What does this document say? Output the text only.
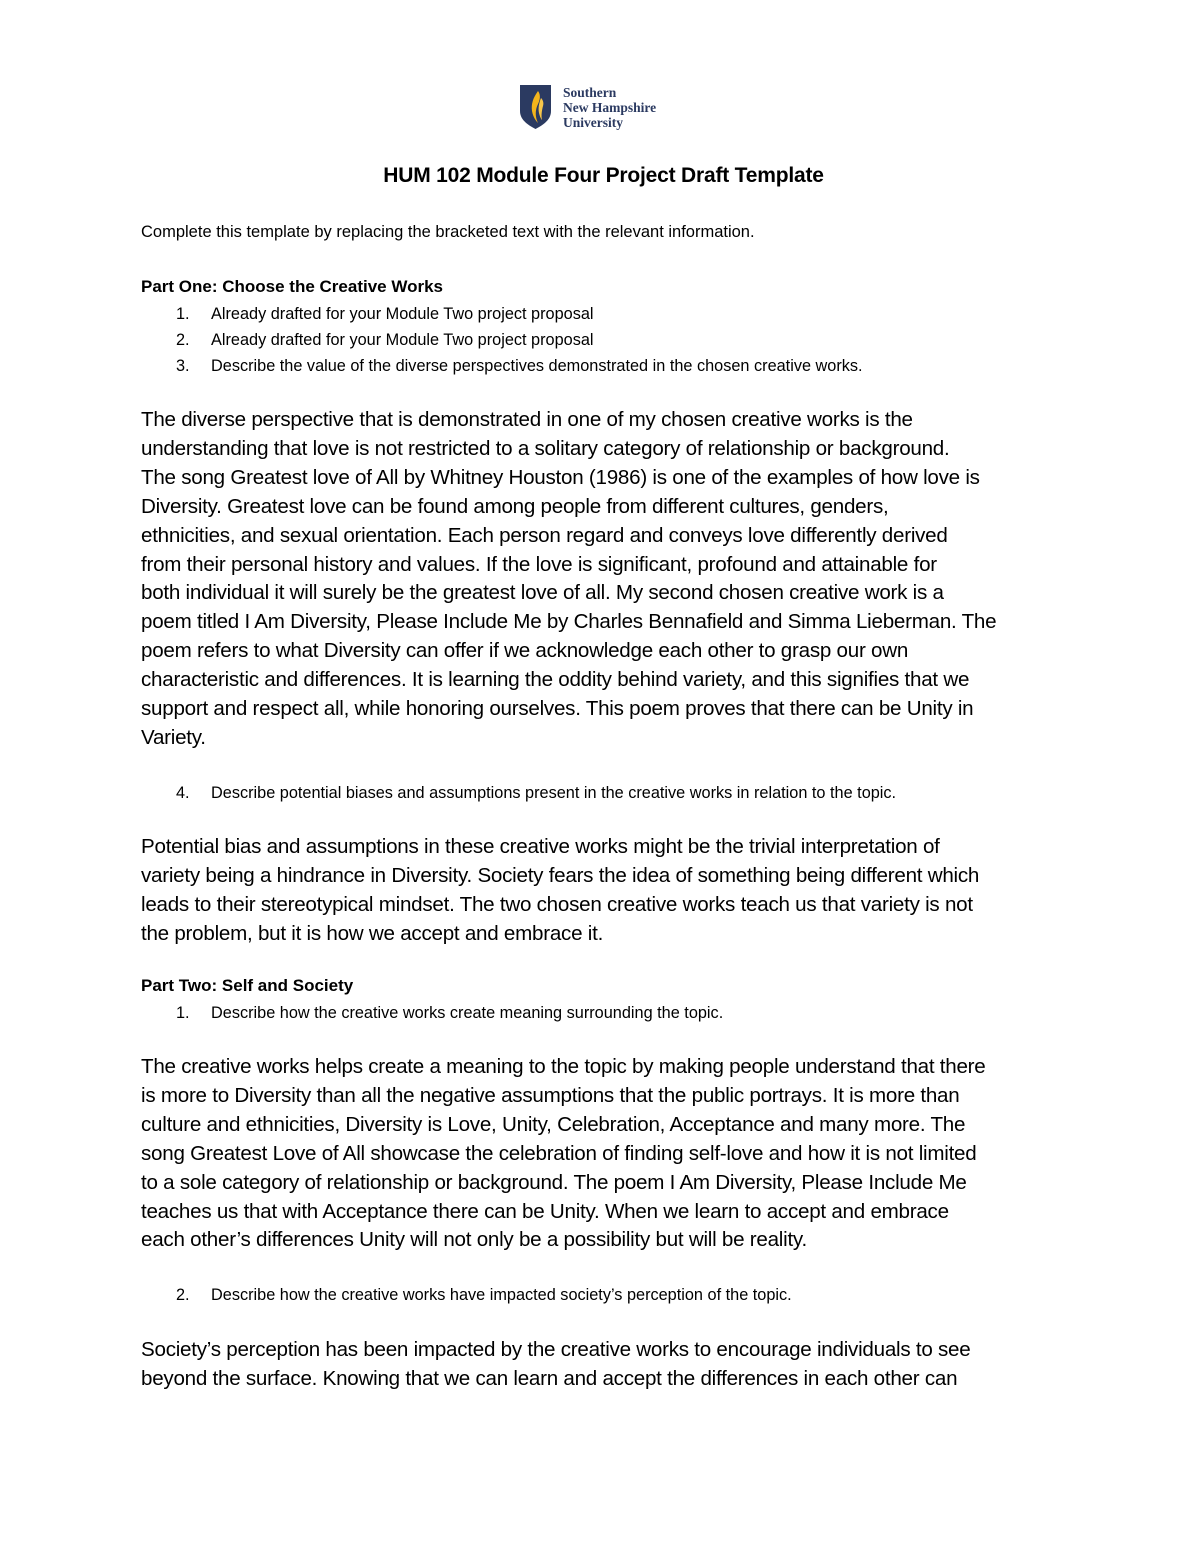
Southern
New Hampshire
University
HUM 102 Module Four Project Draft Template
Complete this template by replacing the bracketed text with the relevant information.
Part One: Choose the Creative Works
1. Already drafted for your Module Two project proposal
2. Already drafted for your Module Two project proposal
3. Describe the value of the diverse perspectives demonstrated in the chosen creative works.
The diverse perspective that is demonstrated in one of my chosen creative works is the
understanding that love is not restricted to a solitary category of relationship or background.
The song Greatest love of All by Whitney Houston (1986) is one of the examples of how love is
Diversity. Greatest love can be found among people from different cultures, genders,
ethnicities, and sexual orientation. Each person regard and conveys love differently derived
from their personal history and values. If the love is significant, profound and attainable for
both individual it will surely be the greatest love of all. My second chosen creative work is a
poem titled I Am Diversity, Please Include Me by Charles Bennafield and Simma Lieberman. The
poem refers to what Diversity can offer if we acknowledge each other to grasp our own
characteristic and differences. It is learning the oddity behind variety, and this signifies that we
support and respect all, while honoring ourselves. This poem proves that there can be Unity in
Variety.
4. Describe potential biases and assumptions present in the creative works in relation to the topic.
Potential bias and assumptions in these creative works might be the trivial interpretation of
variety being a hindrance in Diversity. Society fears the idea of something being different which
leads to their stereotypical mindset. The two chosen creative works teach us that variety is not
the problem, but it is how we accept and embrace it.
Part Two: Self and Society
1. Describe how the creative works create meaning surrounding the topic.
The creative works helps create a meaning to the topic by making people understand that there
is more to Diversity than all the negative assumptions that the public portrays. It is more than
culture and ethnicities, Diversity is Love, Unity, Celebration, Acceptance and many more. The
song Greatest Love of All showcase the celebration of finding self-love and how it is not limited
to a sole category of relationship or background. The poem I Am Diversity, Please Include Me
teaches us that with Acceptance there can be Unity. When we learn to accept and embrace
each other’s differences Unity will not only be a possibility but will be reality.
2. Describe how the creative works have impacted society’s perception of the topic.
Society’s perception has been impacted by the creative works to encourage individuals to see
beyond the surface. Knowing that we can learn and accept the differences in each other can
